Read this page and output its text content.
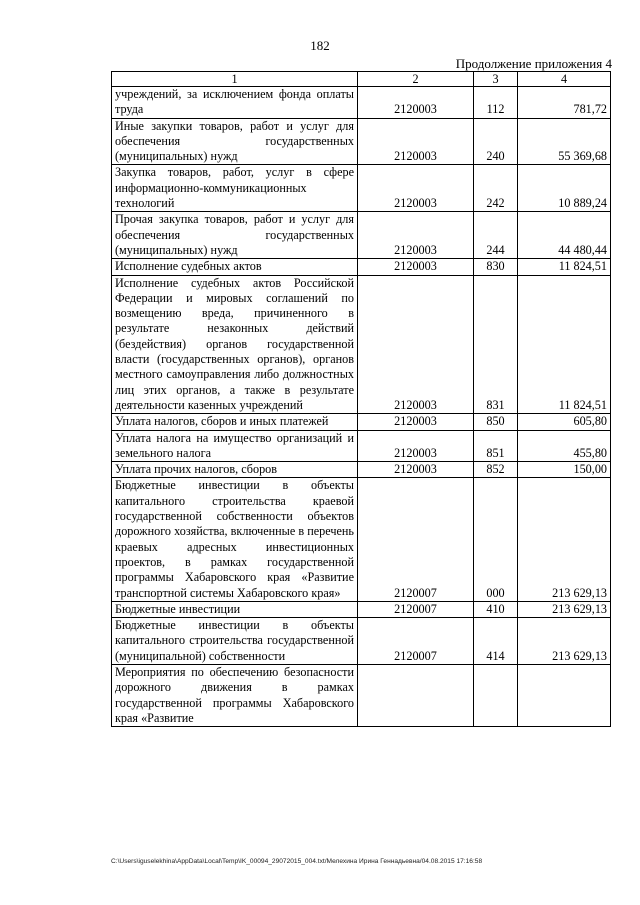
182
Продолжение приложения 4
1	2	3	4
учреждений, за исключением фонда оплаты труда	2120003	112	781,72
Иные закупки товаров, работ и услуг для обеспечения государственных (муниципальных) нужд	2120003	240	55 369,68
Закупка товаров, работ, услуг в сфере информационно-коммуникационных технологий	2120003	242	10 889,24
Прочая закупка товаров, работ и услуг для обеспечения государственных (муниципальных) нужд	2120003	244	44 480,44
Исполнение судебных актов	2120003	830	11 824,51
Исполнение судебных актов Российской Федерации и мировых соглашений по возмещению вреда, причиненного в результате незаконных действий (бездействия) органов государственной власти (государственных органов), органов местного самоуправления либо должностных лиц этих органов, а также в результате деятельности казенных учреждений	2120003	831	11 824,51
Уплата налогов, сборов и иных платежей	2120003	850	605,80
Уплата налога на имущество организаций и земельного налога	2120003	851	455,80
Уплата прочих налогов, сборов	2120003	852	150,00
Бюджетные инвестиции в объекты капитального строительства краевой государственной собственности объектов дорожного хозяйства, включенные в перечень краевых адресных инвестиционных проектов, в рамках государственной программы Хабаровского края «Развитие транспортной системы Хабаровского края»	2120007	000	213 629,13
Бюджетные инвестиции	2120007	410	213 629,13
Бюджетные инвестиции в объекты капитального строительства государственной (муниципальной) собственности	2120007	414	213 629,13
Мероприятия по обеспечению безопасности дорожного движения в рамках государственной программы Хабаровского края «Развитие			
C:\Users\iguselekhina\AppData\Local\Temp\IK_00094_29072015_004.txt/Мелехина Ирина Геннадьевна/04.08.2015 17:16:58
